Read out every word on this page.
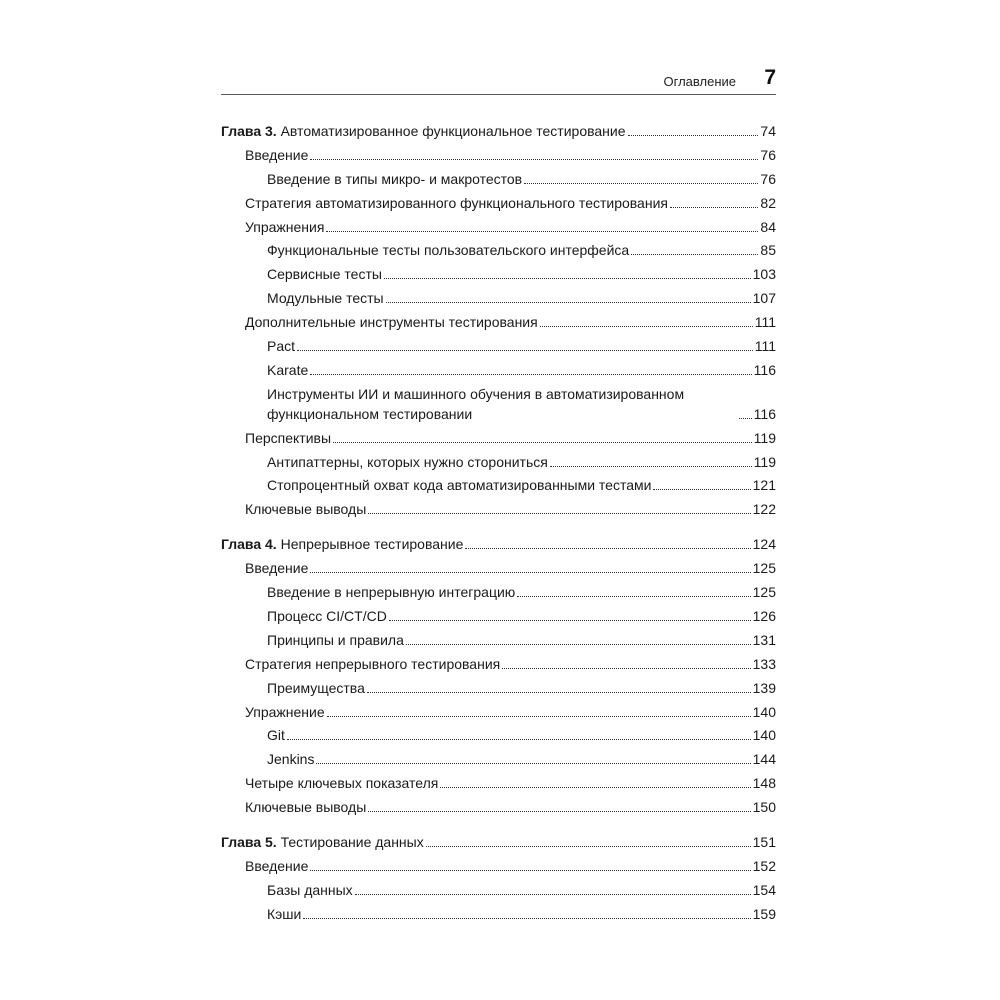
Оглавление 7
Глава 3. Автоматизированное функциональное тестирование	74
Введение	76
Введение в типы микро- и макротестов	76
Стратегия автоматизированного функционального тестирования	82
Упражнения	84
Функциональные тесты пользовательского интерфейса	85
Сервисные тесты	103
Модульные тесты	107
Дополнительные инструменты тестирования	111
Pact	111
Karate	116
Инструменты ИИ и машинного обучения в автоматизированном функциональном тестировании	116
Перспективы	119
Антипаттерны, которых нужно сторониться	119
Стопроцентный охват кода автоматизированными тестами	121
Ключевые выводы	122
Глава 4. Непрерывное тестирование	124
Введение	125
Введение в непрерывную интеграцию	125
Процесс CI/CT/CD	126
Принципы и правила	131
Стратегия непрерывного тестирования	133
Преимущества	139
Упражнение	140
Git	140
Jenkins	144
Четыре ключевых показателя	148
Ключевые выводы	150
Глава 5. Тестирование данных	151
Введение	152
Базы данных	154
Кэши	159
